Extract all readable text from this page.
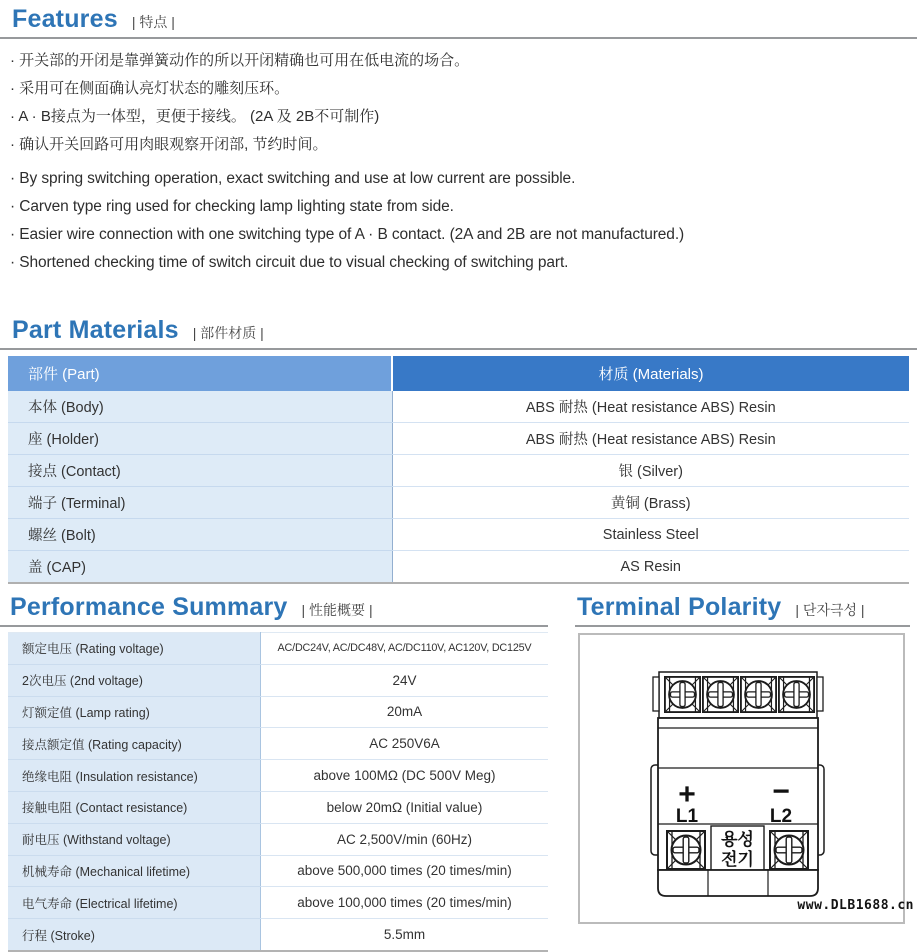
Features | 特点 |
· 开关部的开闭是靠弹簧动作的所以开闭精确也可用在低电流的场合。
· 采用可在侧面确认亮灯状态的雕刻压环。
· A · B接点为一体型，更便于接线。 (2A 及 2B不可制作)
· 确认开关回路可用肉眼观察开闭部, 节约时间。
· By spring switching operation, exact switching and use at low current are possible.
· Carven type ring used for checking lamp lighting state from side.
· Easier wire connection with one switching type of A · B contact. (2A and 2B are not manufactured.)
· Shortened checking time of switch circuit due to visual checking of switching part.
Part Materials | 部件材质 |
部件 (Part)	材质 (Materials)
本体 (Body)	ABS 耐热 (Heat resistance ABS) Resin
座 (Holder)	ABS 耐热 (Heat resistance ABS) Resin
接点 (Contact)	银 (Silver)
端子 (Terminal)	黄铜 (Brass)
螺丝 (Bolt)	Stainless Steel
盖 (CAP)	AS Resin
Performance Summary | 性能概要 |
额定电压 (Rating voltage)	AC/DC24V, AC/DC48V, AC/DC110V, AC120V, DC125V
2次电压 (2nd voltage)	24V
灯额定值 (Lamp rating)	20mA
接点额定值 (Rating capacity)	AC 250V6A
绝缘电阻 (Insulation resistance)	above 100MΩ (DC 500V Meg)
接触电阻 (Contact resistance)	below 20mΩ (Initial value)
耐电压 (Withstand voltage)	AC 2,500V/min (60Hz)
机械寿命 (Mechanical lifetime)	above 500,000 times (20 times/min)
电气寿命 (Electrical lifetime)	above 100,000 times (20 times/min)
行程 (Stroke)	5.5mm
Terminal Polarity | 단자극성 |
+
L1
−
L2
용성
전기
www.DLB1688.cn
